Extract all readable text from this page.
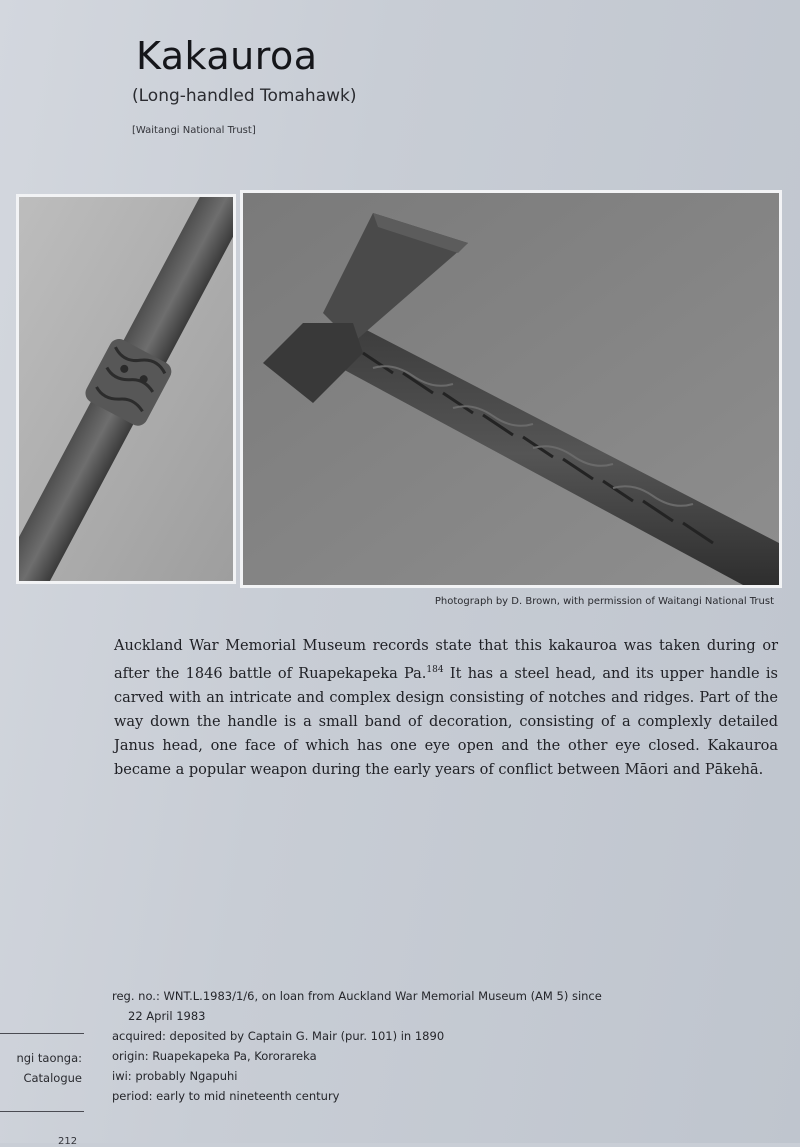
Kakauroa
(Long-handled Tomahawk)
[Waitangi National Trust]
Photograph by D. Brown, with permission of Waitangi National Trust
Auckland War Memorial Museum records state that this kakauroa was taken during or after the 1846 battle of Ruapekapeka Pa.$^{184}$ It has a steel head, and its upper handle is carved with an intricate and complex design consisting of notches and ridges. Part of the way down the handle is a small band of decoration, consisting of a complexly detailed Janus head, one face of which has one eye open and the other eye closed. Kakauroa became a popular weapon during the early years of conflict between Māori and Pākehā.
reg. no.: WNT.L.1983/1/6, on loan from Auckland War Memorial Museum (AM 5) since
22 April 1983
acquired: deposited by Captain G. Mair (pur. 101) in 1890
origin: Ruapekapeka Pa, Kororareka
iwi: probably Ngapuhi
period: early to mid nineteenth century
ngi taonga:
Catalogue
212
